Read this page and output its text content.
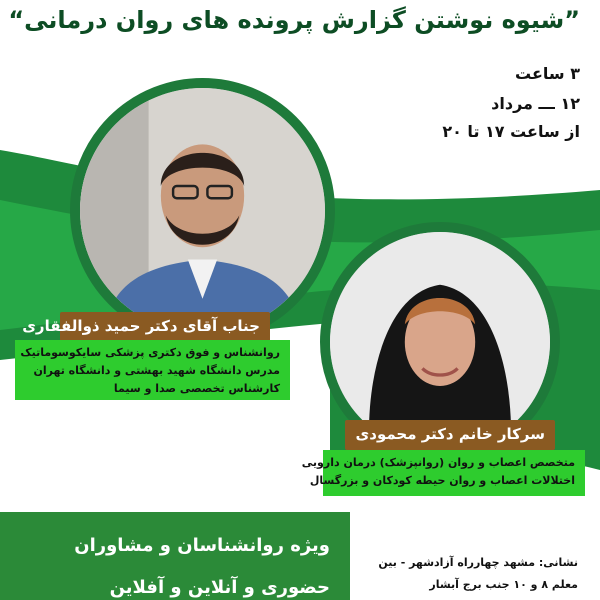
”شیوه نوشتن گزارش پرونده های روان درمانی“
۳ ساعت
۱۲ ـــ مرداد
از ساعت ۱۷ تا ۲۰
جناب آقای دکتر حمید ذوالفقاری
روانشناس و فوق دکتری پزشکی سایکوسوماتیک
مدرس دانشگاه شهید بهشتی و دانشگاه تهران
کارشناس تخصصی صدا و سیما
سرکار خانم دکتر محمودی
متخصص اعصاب و روان (روانپزشک) درمان دارویی
اختلالات اعصاب و روان حیطه کودکان و بزرگسال
ویژه روانشناسان و مشاوران
حضوری و آنلاین و آفلاین
نشانی: مشهد چهارراه آزادشهر - بین
معلم ۸ و ۱۰ جنب برج آبشار
